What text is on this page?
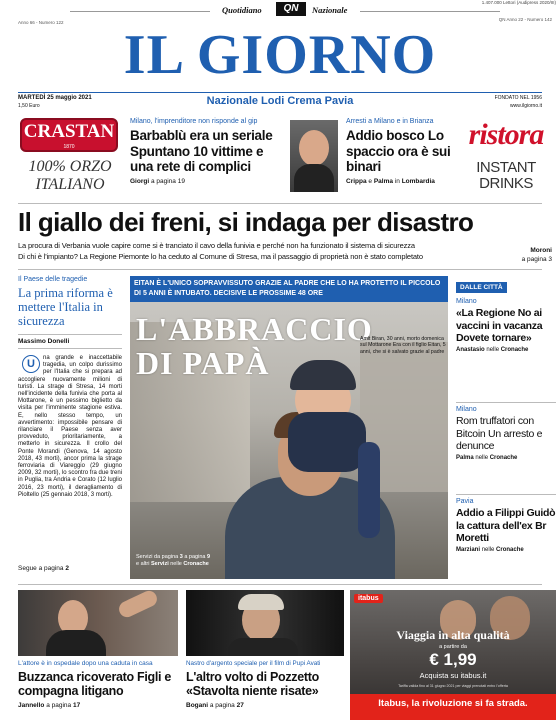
1.407.000 Lettori (Audipress 2020/III)
Quotidiano	QN	Nazionale
Anno 66 - Numero 122
QN Anno 22 - Numero 142
IL GIORNO
MARTEDÌ 25 maggio 2021
1,50 Euro	Nazionale Lodi Crema Pavia	FONDATO NEL 1956
www.ilgiorno.it
CRASTAN
1870
100% ORZO
ITALIANO
Milano, l'imprenditore non risponde al gip
Barbablù era un seriale Spuntano 10 vittime e una rete di complici
Giorgi a pagina 19
Arresti a Milano e in Brianza
Addio bosco Lo spaccio ora è sui binari
Crippa e Palma in Lombardia
ristora
INSTANT DRINKS
Il giallo dei freni, si indaga per disastro
La procura di Verbania vuole capire come si è tranciato il cavo della funivia e perché non ha funzionato il sistema di sicurezza
Di chi è l'impianto? La Regione Piemonte lo ha ceduto al Comune di Stresa, ma il passaggio di proprietà non è stato completato
Moroni
a pagina 3
Il Paese delle tragedie
La prima riforma è mettere l'Italia in sicurezza
Massimo Donelli
U	na grande e inaccettabile tragedia, un colpo durissimo per l'Italia che si prepara ad accogliere nuovamente milioni di turisti. La strage di Stresa, 14 morti nell'incidente della funivia che porta al Mottarone, è un pessimo biglietto da visita per l'imminente stagione estiva. E, nello stesso tempo, un avvertimento: impossibile pensare di rilanciare il Paese senza aver provveduto, prioritariamente, a metterlo in sicurezza. Il crollo del Ponte Morandi (Genova, 14 agosto 2018, 43 morti), ancor prima la strage ferroviaria di Viareggio (29 giugno 2009, 32 morti), lo scontro fra due treni in Puglia, tra Andria e Corato (12 luglio 2016, 23 morti), il deragliamento di Pioltello (25 gennaio 2018, 3 morti).
Segue a pagina 2
EITAN È L'UNICO SOPRAVVISSUTO GRAZIE AL PADRE CHE LO HA PROTETTO IL PICCOLO DI 5 ANNI È INTUBATO. DECISIVE LE PROSSIME 48 ORE
L'ABBRACCIO
DI PAPÀ
Amit Biran, 30 anni, morto domenica sul Mottarone Era con il figlio Eitan, 5 anni, che si è salvato grazie al padre
Servizi da pagina 3 a pagina 9
e altri Servizi nelle Cronache
DALLE CITTÀ
Milano
«La Regione No ai vaccini in vacanza Dovete tornare»
Anastasio nelle Cronache
Milano
Rom truffatori con Bitcoin Un arresto e denunce
Palma nelle Cronache
Pavia
Addio a Filippi Guidò la cattura dell'ex Br Moretti
Marziani nelle Cronache
L'attore è in ospedale dopo una caduta in casa
Buzzanca ricoverato Figli e compagna litigano
Jannello a pagina 17
Nastro d'argento speciale per il film di Pupi Avati
L'altro volto di Pozzetto «Stavolta niente risate»
Bogani a pagina 27
itabus
Viaggia in alta qualità
a partire da
€ 1,99
Acquista su itabus.it
Tariffa valida fino al 31 giugno 2021 per viaggi prenotati entro l'offerta
Itabus, la rivoluzione si fa strada.
